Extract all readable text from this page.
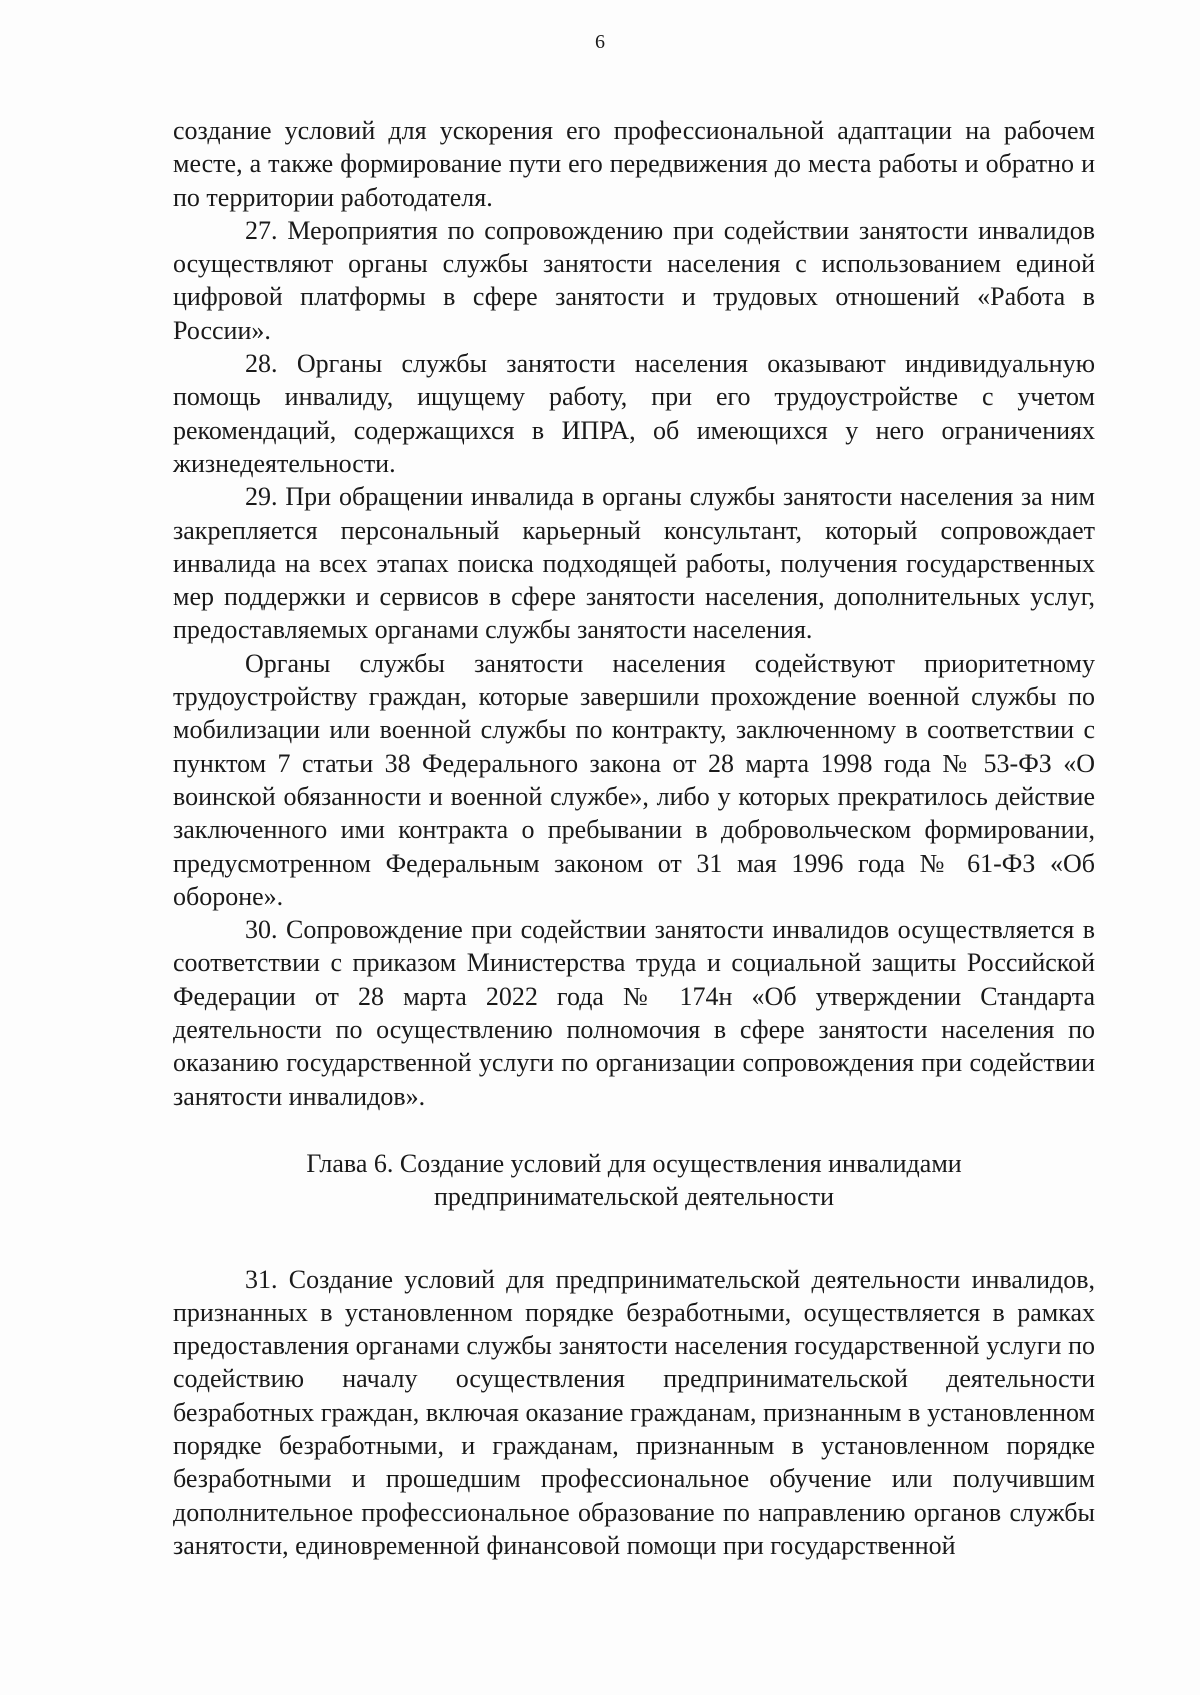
6

создание условий для ускорения его профессиональной адаптации на рабочем месте, а также формирование пути его передвижения до места работы и обратно и по территории работодателя.

27. Мероприятия по сопровождению при содействии занятости инвалидов осуществляют органы службы занятости населения с использованием единой цифровой платформы в сфере занятости и трудовых отношений «Работа в России».

28. Органы службы занятости населения оказывают индивидуальную помощь инвалиду, ищущему работу, при его трудоустройстве с учетом рекомендаций, содержащихся в ИПРА, об имеющихся у него ограничениях жизнедеятельности.

29. При обращении инвалида в органы службы занятости населения за ним закрепляется персональный карьерный консультант, который сопровождает инвалида на всех этапах поиска подходящей работы, получения государственных мер поддержки и сервисов в сфере занятости населения, дополнительных услуг, предоставляемых органами службы занятости населения.

Органы службы занятости населения содействуют приоритетному трудоустройству граждан, которые завершили прохождение военной службы по мобилизации или военной службы по контракту, заключенному в соответствии с пунктом 7 статьи 38 Федерального закона от 28 марта 1998 года № 53-ФЗ «О воинской обязанности и военной службе», либо у которых прекратилось действие заключенного ими контракта о пребывании в добровольческом формировании, предусмотренном Федеральным законом от 31 мая 1996 года № 61-ФЗ «Об обороне».

30. Сопровождение при содействии занятости инвалидов осуществляется в соответствии с приказом Министерства труда и социальной защиты Российской Федерации от 28 марта 2022 года № 174н «Об утверждении Стандарта деятельности по осуществлению полномочия в сфере занятости населения по оказанию государственной услуги по организации сопровождения при содействии занятости инвалидов».

Глава 6. Создание условий для осуществления инвалидами
предпринимательской деятельности

31. Создание условий для предпринимательской деятельности инвалидов, признанных в установленном порядке безработными, осуществляется в рамках предоставления органами службы занятости населения государственной услуги по содействию началу осуществления предпринимательской деятельности безработных граждан, включая оказание гражданам, признанным в установленном порядке безработными, и гражданам, признанным в установленном порядке безработными и прошедшим профессиональное обучение или получившим дополнительное профессиональное образование по направлению органов службы занятости, единовременной финансовой помощи при государственной
